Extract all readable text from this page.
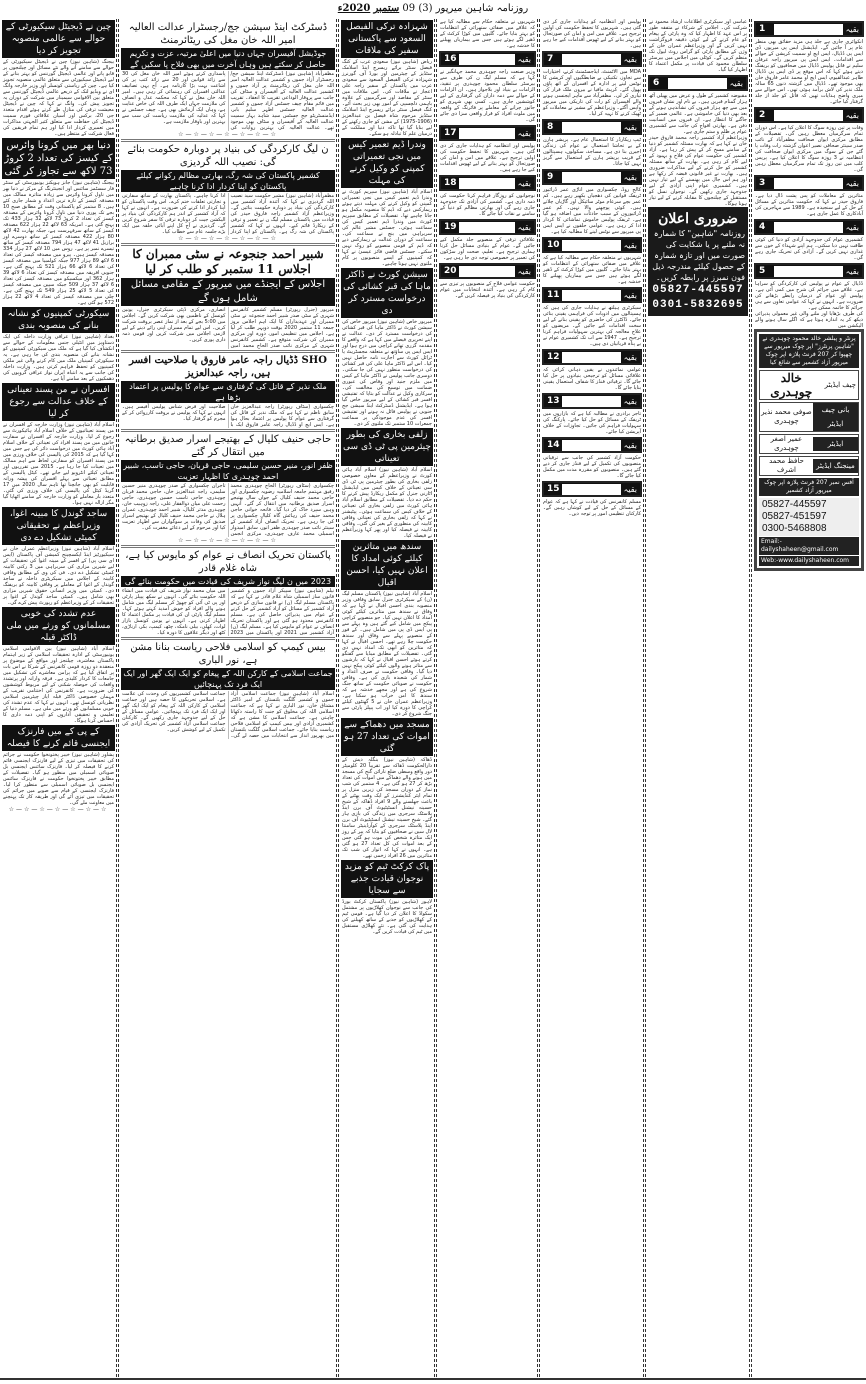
روزنامہ شاہین میرپور (3) 09 ستمبر 2020ء
چین نے ڈیجیٹل سیکیورٹی کے حوالے سے عالمی منصوبہ تجویز کر دیا
بیجنگ (شاہین نیوز) چین نے ڈیجیٹل سیکیورٹی کے حوالے سے سامنے آنے والے نئے مسائل اور چیلنجوں پر قابو پانے اور عالمی ڈیجیٹل گورننس کو بہتر بنانے کے لیے ڈیجیٹل سیکیورٹی سے متعلق عالمی منصوبہ تجویز کیا ہے۔ چین کے ریاستی کونسلر اور وزیر خارجہ وانگ ای نے ویڈیو لنک کے ذریعے عالمی ڈیجیٹل گورننس سے متعلق بین الاقوامی سیمینار میں شرکت کے دوران یہ تجویز پیش کی۔ وانگ نے کہا کہ چین نے ڈیجیٹل معیشت ترقی کی منازل طے کرتے ہوئے اقدام متعدد جی 20، برکس اور آسیان علاقائی فورم سمیت ڈیجیٹل کی حفاظت سے متعلق کثیر الجہتی مذاکرات میں تعمیری کردار ادا کیا اور ہم تمام فریقین کی فعال شرکت کے منتظر ہیں۔
دنیا بھر میں کرونا وائرس کے کیسز کی تعداد 2 کروڑ 73 لاکھ سے تجاوز کر گئی
بیجنگ (شاہین نیوز) جانز ہوپکنز یونیورسٹی کے سنٹر فار سسٹمز سائنس اور انجینئرنگ کے مرکز نے دنیا بھر میں ناول کرونا وائرس سے زیادہ متاثرہ ممالک میں مصدقہ کیسز کے تازہ ترین اعداد و شمار جاری کئے ہیں۔ 8 ستمبر کو پاکستانی وقت کے مطابق صبح 10 بجے تک پوری دنیا میں ناول کرونا وائرس کے مصدقہ کیسز کی تعداد 2 کروڑ 73 لاکھ 32 ہزار 433 تک پہنچ گئی ہے۔ امریکہ 63 لاکھ 22 ہزار 622 مصدقہ کیسز کے ساتھ سرفہرست ہے، جبکہ بھارت 42 لاکھ 80 ہزار 422 مصدقہ کیسز کے ساتھ دوسرے اور برازیل 41 لاکھ 47 ہزار 794 مصدقہ کیسز کے ساتھ تیسرے نمبر پر ہے۔ روس میں 10 لاکھ 27 ہزار 334 مصدقہ کیسز ہیں۔ پیرو میں مصدقہ کیسز کی تعداد 6 لاکھ 89 ہزار 977 جبکہ کولمبیا میں مصدقہ کیسز کی تعداد 6 لاکھ 66 ہزار 521 تک پہنچ گئی ہے۔ جنوبی افریقہ میں مصدقہ کیسز کی تعداد 6 لاکھ 39 ہزار 362 اور میکسیکو میں مصدقہ کیسز کی تعداد 6 لاکھ 37 ہزار 509 جبکہ سپین میں مصدقہ کیسز کی تعداد 5 لاکھ 25 ہزار 549 تک پہنچ گئی ہے۔ چلی میں مصدقہ کیسز کی تعداد 4 لاکھ 22 ہزار 572 ہو گئی ہے۔
سیکورٹی کمپنیوں کو نشانہ بنانے کی منصوبہ بندی
بغداد (شاہین نیوز) عراقی وزارت داخلہ کی ایک دستاویز میں انٹیلی جنس معلومات کے حوالے سے انکشاف کیا گیا ہے کہ ملک میں سیکورٹی کمپنیوں کو نشانہ بنانے کی منصوبہ بندی کی جا رہی ہے۔ یہ سیکورٹی کمپنیاں ملک میں کام کرنے والی غیر ملکی کمپنیوں کو تحفظ فراہم کرتی ہیں۔ وزارت داخلہ کی جانب سے یہ انتباہ ایران نواز عراقی گروپوں کی دھمکیوں کے بعد سامنے آیا ہے۔
افسران نے من پسند تعیناتی کے خلاف عدالت سے رجوع کر لیا
اسلام آباد (شاہین نیوز) وزارت خارجہ کے افسران نے من پسند تعیناتیوں کے خلاف اسلام آباد ہائیکورٹ سے رجوع کر لیا۔ وزارت خارجہ کے افسران نے سفارت خانوں میں من پسند افراد کی تعیناتی کے خلاف اسلام آباد ہائی کورٹ میں درخواست دائر کی ہے جس میں کہا گیا ہے کہ 2015 کی پالیسی کی خلاف ورزی میں من پسند افسران کو سفارتی لحاظ سے اہم ممالک میں تعینات کیا جا رہا ہے۔ 2015 میں تقرریوں اور تعیناتی کیلئے انٹرویو لیے جانے تھے۔ کیٹل پالیسی کے مطابق تعیناتی سے پہلے افسران کی پیشہ ورانہ قابلیت کو بھی جانچنا تھا تاہم سال 2020 میں 17 گریڈ کیٹل کی پالیسی کی خلاف ورزی کی گئی۔ متعدد بار معاملے کو وزارت خارجہ کے سامنے اٹھایا گیا مگر ازالہ نہیں ہوا۔
ساجد گوندل کا مبینہ اغوا، وزیراعظم نے تحقیقاتی کمیٹی تشکیل دے دی
اسلام آباد (شاہین نیوز) وزیراعظم عمران خان نے سیکیورٹیز اینڈ ایکسچینج کمیشن آف پاکستان (ایس ای سی پی) کے افسر کے مبینہ اغوا کی تحقیقات کے لیے شیریں مزاری کی سربراہی میں 3 رکنی کابینہ کمیٹی تشکیل دے دی۔ فی کی وی کے مطابق وفاقی کابینہ کے اجلاس میں سیکریٹری داخلہ نے ساجد گوندل کے اغوا کے معاملے پر وفاقی کابینہ کو بریفنگ دی۔ کمیٹی میں وزیر انسانی حقوق شیریں مزاری بھی شامل ہیں۔ کمیٹی ساجد گوندل کے اغوا پر تحقیقات کر کے وزیراعظم کو رپورٹ پیش کرے گی۔
عدم تشدد کی خوبی مسلمانوں کو ورثے میں ملی ڈاکٹر قبلہ
اسلام آباد (شاہین نیوز) بین الاقوامی اسلامی یونیورسٹی کے ادارہ تحقیقات اسلامی کے زیر اہتمام پاکستان معاشرہ، چیلنجز اور مواقع کے موضوع پر منعقدہ دو روزہ قومی کانفرنس کے شرکا نے اس بات پر اتفاق کیا ہے کہ پرامن معاشرے کی تشکیل میں جامعات کا کردار کلیدی ہے۔ فرقہ وارانہ اور پرتشدد واقعات کی حوصلہ شکنی کے لیے مربوط کوششوں کی ضرورت ہے۔ کانفرنس کی اختتامی تقریب کے مہمان خصوصی ڈاکٹر قبلہ ایاز چیئرمین اسلامی نظریاتی کونسل تھے۔ انہوں نے کہا کہ عدم تشدد کی خوبی مسلمانوں کو ورثے میں ملی ہے۔ مسلم دنیا کے تعلیمی و تحقیقی اداروں کو اپنی ذمہ داری کا احساس کرنا ہوگا۔
کے پی کے میں فارنزک ایجنسی قائم کرنے کا فیصلہ
پشاور (شاہین نیوز) خیبر پختونخوا حکومت نے جرائم کی تحقیقات میں تیزی کے لیے فارنزک ایجنسی قائم کرنے کا فیصلہ کر لیا۔ فارنزک سائنس ایجنسی بل صوبائی اسمبلی میں منظور ہو گیا۔ تفصیلات کے مطابق خیبر پختونخوا حکومت نے فارنزک سائنس ایجنسی بل صوبائی اسمبلی سے منظور کرا لیا۔ فارنزک ایجنسی کے قیام سے صوبے میں جرائم کی تحقیقات میں تیزی آئے گی اور طریقہ کار تک پہنچنے میں معاونت ملے گی۔
☆—☆—☆—☆—☆—☆—☆
ڈسٹرکٹ اینڈ سیشن جج/رجسٹرار عدالت العالیہ امیر اللہ خان مغل کی ریٹائرمنٹ
جوڈیشل آفیسران جہاں دنیا میں اعلیٰ مرتبہ، عزت و تکریم حاصل کر سکتے ہیں وہاں آخرت میں بھی فلاح پا سکیں گے
مظفرآباد (شاہین نیوز) ڈسٹرکٹ اینڈ سیشن جج/رجسٹرار آزاد جموں و کشمیر عدالت العالیہ امیر اللہ خان مغل کی ریٹائرمنٹ پر آزاد جموں و کشمیر عدالت العالیہ کے آفیسران و سٹاف کی جانب سے پروقار الوداعی تقریب کا انعقاد۔ تقریب میں قائم مقام چیف جسٹس آزاد جموں و کشمیر عدالت العالیہ جسٹس اظہر سلیم بابر، ایڈمنسٹریٹو جج جسٹس سید شاہد بہار سمیت عدالت العالیہ کے آفیسران و سٹاف بھی موجود تھے۔ عدالت العالیہ کی بہترین روایات کی پاسداری کرتے ہوئے امیر اللہ خان مغل کی 30 سے زائد قوانین اور 20 سے زائد کتب پر کی اشاعت بہت بڑا کارنامہ ہے۔ آج یہی تصانیف عدالتی افسران کی رہنمائی کر رہی ہیں۔ امیر اللہ خان مغل نے کہا کہ محکمہ عدل و انصاف کی ملازمت جہاں ایک طرف اللہ کی خاص عنایت ہے، وہاں ایک آزمائش بھی ہے۔ چیف جسٹس نے کہا کہ عدلیہ کی ملازمت ریاست کی سب سے بہترین اور باوقار ملازمت ہے۔
☆—☆—☆—☆—☆—☆—☆
ن لیگ کارکردگی کی بنیاد پر دوبارہ حکومت بنائے گی: نصیب اللہ گردیزی
کشمیر پاکستان کی شہ رگ، بھارتی مظالم رکوانے کیلئے پاکستان کو اپنا کردار ادا کرنا چاہیے
مظفرآباد (شاہین نیوز) مشیر حکومت سید نصیب اللہ گردیزی نے کہا کہ آئندہ آزاد کشمیر میں کارکردگی کی بنیاد پر دوبارہ حکومت بنائیں گے۔ وزیراعظم آزاد کشمیر راجہ فاروق حیدر کی قیادت میں پاکستان مسلم لیگ ن نے تعمیر و ترقی کے ریکارڈ قائم کیے۔ انہوں نے کہا کہ کشمیر پاکستان کی شہ رگ ہے۔ پاکستان کو اپنا کردار ادا کرنا چاہیے۔ پاکستان بھارت کے ساتھ سفارتی و تجارتی تعلقات ختم کرے۔ اس وقت پاکستان کو اپنا کردار ادا کرنے کی ضرورت ہے۔ انہوں نے کہا کہ آزاد کشمیر کے اندر ہم کارکردگی کی بنیاد پر الیکشن جیت کر دوبارہ ترقی کا سفر شروع کریں گے۔ گردیزی نے آج کل اپنے آبائی حلقہ میں ایک بڑے جلسہ عام سے خطاب کیا۔
☆—☆—☆—☆—☆—☆—☆
شبیر احمد جنجوعہ نے سٹی ممبران کا اجلاس 11 ستمبر کو طلب کر لیا
اجلاس کے ایجنڈے میں میرپور کے مقامی مسائل شامل ہوں گے
میرپور (جنرل رپورٹر) مسلم کشمیر کانفرنس شہری کے سٹی صدر شبیر احمد جنجوعہ نے سٹی ممبران اور عہدیداران کا ایک اہم اجلاس بروز جمعہ 11 ستمبر 2020 بوقت دوپہر طلب کر لیا ہے۔ اجلاس میں تنظیمی امور، دورہ اور مرکزی ممبران کی شرکت متوقع ہے۔ کشمیر کانفرنس شہری کے مرکزی نائب صدر الحاج محمد امین انصاری، مرکزی ڈپٹی سیکرٹری جنرل، یونین کونسل کے ناظمین بھی شرکت کریں گے۔ اجلاس میں 5:00 بجے کے بعد از نماز عصر بروقت شرکت کریں۔ اس لیے تمام ممبران اپنی رائے دینے کے لیے لازمی اجلاس میں شرکت کریں اور قومی ذمہ داری پوری کریں۔
SHO ڈڈیال راجہ عامر فاروق با صلاحیت افسر ہیں، راجہ عبدالعزیز
ملک نذیر کے قاتل کی گرفتاری سے عوام کا پولیس پر اعتماد بڑھا ہے
چکسواری (سٹاف رپورٹر) راجہ عبدالعزیز خان سابق ناظم نے کہا ہے کہ ملک نذیر کے قاتل کی گرفتاری سے عوام کا پولیس پر اعتماد بحال ہوا ہے۔ ایس ایچ او ڈڈیال راجہ عامر فاروق ایک با صلاحیت اور فرض شناس پولیس آفیسر ہیں۔ انہوں نے کہا کہ پولیس نے بروقت کارروائی کر کے مجرم کو گرفتار کیا۔
حاجی حنیف کلیال کے بھتیجے اسرار صدیق برطانیہ میں انتقال کر گئے
ظفر انور، منیر حسین سلیمی، حاجی قربان، حاجی تاسب، شبیر احمد چوہدری کا اظہار تعزیت
چکسواری (سٹاف رپورٹر) الحاج چوہدری محمد رفیق مہتمم جامعہ اسلامیہ رضویہ چکسواری اور حاجی محمد حنیف کلیال کے جواں سال بھتیجے اسرار صدیق برطانیہ میں انتقال کر گئے۔ انہیں وہیں سپرد خاک کر دیا گیا۔ فاتحہ خوانی حاجی محمد حنیف کی رہائش گاہ کلیال چکسواری پر کی جا رہی ہے۔ تحریک انصاف آزاد کشمیر کے سینئر نائب صدر چوہدری ظفر انور، سابق امیدوار اسمبلی محمد عارف چوہدری، مرکزی انجمن تاجران چکسواری کے صدر چوہدری منیر حسین سلیمی، راجہ عبدالعزیز خان، حاجی محمد قربان چوہدری، حاجی تاسب حسین چوہدری، حاجی رحمت علی میاں ذوالفقار علی، راجہ زوہیب خان، چوہدری مدثر کلیال، شبیر احمد چوہدری، عمران ہلال نے حاجی محمد حنیف کلیال کے بھتیجے اسرار صدیق کی وفات پر سوگواران سے اظہار تعزیت کیا اور مرحوم کے لیے دعائے مغفرت کی۔
☆—☆—☆—☆—☆—☆—☆
پاکستان تحریک انصاف نے عوام کو مایوس کیا ہے، شاہ غلام قادر
2023 میں ن لیگ نواز شریف کی قیادت میں حکومت بنائے گی
نیلم (شاہین نیوز) سپیکر آزاد جموں و کشمیر قانون ساز اسمبلی شاہ غلام قادر نے کہا ہے کہ پاکستان مسلم لیگ (ن) نے قانون سازی کے ذریعے آزاد کشمیر کے مسائل کو آزاد کشمیر کے حل کرنے کے عوام میں پذیرائی حاصل کی ہے۔ مسلم کانفرنس محدود ہو گئی ہے اور پاکستان تحریک انصاف نے عوام کو مایوس کیا ہے۔ مسلم لیگ (ن) آزاد کشمیر میں 2021 اور پاکستان میں 2023 میں میاں محمد نواز شریف کی قیادت میں انشاء اللہ حکومت بنائے گی۔ انہوں نے سکھ پیپلز پارٹی اور پی ٹی آئی کو چھوڑ کر مسلم لیگ میں شامل ہونے والے افراد کو خوش آمدید کہتے ہوئے کہا۔ مسلم لیگ پارٹی ان کی قیادت پر مکمل اعتماد کا اظہار کرتی ہے۔ انہوں نے یونین کونسل بازار لوات، کھلی، بیلی نامکہ، چٹھ، کیمپ، بکر، ارناڑی، کٹھ اور دیگر علاقوں کا دورہ کیا۔
بیس کیمپ کو اسلامی فلاحی ریاست بنانا مشن ہے، نور الباری
جماعت اسلامی کے کارکن اللہ کے پیغام کو ایک ایک گھر اور ایک ایک فرد تک پہنچائیں
اسلام آباد (شاہین نیوز) جماعت اسلامی آزاد جموں و کشمیر گلگت بلتستان کے امیر ڈاکٹر مشتاق خان، نور الباری نے کہا ہے کہ جماعت اسلامی اللہ کی مخلوق کو جنت کا راستہ دکھانا چاہتی ہے۔ جماعت اسلامی کا مشن ہے کہ کشمیری آزادی اور بیس کیمپ کو اسلامی فلاحی ریاست بنایا جائے۔ جماعت اسلامی گلگت بلتستان میں بھرپور انداز سے انتخابات میں حصہ لے گی۔ جماعت اسلامی کشمیریوں کی وحدت کی علامت ہے۔ اسلامی تحریکوں کا حصہ ہیں اور جماعت اسلامی کے کارکن اللہ کے پیغام کو ایک ایک گھر اور ایک ایک فرد تک پہنچائیں۔ عوامی مسائل کے حل کے لیے جدوجہد جاری رکھیں گے۔ کارکنان جماعت اسلامی آزاد کشمیر کی تحریک آزادی کی تکمیل کے لیے کوشش کریں۔
شہزادہ ترکی الفیصل السعود سے پاکستانی سفیر کی ملاقات
ریاض (شاہین نیوز) سعودی عرب کے کنگ فیصل سنٹر برائے ریسرچ اینڈ اسلامک سٹڈیز کے چیئرمین اور بورڈ آف گورنرز شہزادہ ترکی الفیصل السعود سے سعودی عرب میں پاکستان کے سفیر راجہ علی اعجاز نے ملاقات کی۔ اس ملاقات میں سنٹر کے مقاصد اور سرگرمیوں کے علاوہ باہمی دلچسپی کے امور بھی زیر بحث آئے۔ کنگ فیصل سنٹر برائے ریسرچ اینڈ اسلامک سٹڈیز مرحوم شاہ فیصل بن عبدالعزیز (1906-1975) کے مشن کو جاری رکھنے کے لیے بنایا گیا تھا تاکہ دنیا اور مملکت کے درمیان علم کا تبادلہ ہو سکے۔
وندرا ڈیم تعمیر کیس میں نجی تعمیراتی کمپنی کو وکیل کرنے کی مہلت
اسلام آباد (شاہین نیوز) سپریم کورٹ نے وندرا ڈیم تعمیر کیس میں نجی تعمیراتی کمپنی کو وکیل کرنے کی مہلت دیتے ہوئے ریمارکس دیے کہ ڈیم کا منصوبہ مکمل ہو جانا چاہیے تھا۔ تفصیلات کے مطابق سپریم کورٹ میں وندرا ڈیم تعمیر کیس کی سماعت ہوئی۔ جسٹس مشیر عالم کی سربراہی میں بنچ نے سماعت کی۔ سماعت کے دوران عدالت نے ریمارکس دیے کہ ڈیم کے قومی منصوبے کو روک نہیں سکتے۔ جسٹس قاضی فائز عیسیٰ نے کہا کہ کمپنیوں کے ایسے منصوبوں پر کام ملتوی نہیں ہونا چاہیے۔
سیشن کورٹ نے ڈاکٹر ماہا کی قبر کشائی کی درخواست مسترد کر دی
میرپور خاص (شاہین نیوز) میرپور خاص کی سیشن کورٹ نے ڈاکٹر ماہا کی قبر کشائی کی درخواست مسترد کر دی۔ عدالت نے اپنے تحریری فیصلے میں کہا ہے کہ واقعے کا مقدمہ گزری تھانے کراچی میں درج ہوا اور ایس ایس پی ساؤتھ نے متعلقہ مجسٹریٹ یا ٹرائل کورٹ سے اجازت نامہ حاصل نہیں کیا۔ اس لیے ڈاکٹر ماہا علی کی قبر کشائی کی درخواست منظور نہیں کی جا سکتی۔ دوسری جانب پولیس نے ڈاکٹر ماہا کے کیس میں ملزم جنید اور وقاص کی عبوری ضمانت میں توسیع کی مخالفت کی۔ سرکاری وکیل نے عدالت کو بتایا کہ تفتیشی افسر قبر کشائی کے لیے میرپور خاص گیا ہوا ہے۔ ایڈیشنل ڈسٹرکٹ اینڈ سیشن جج جنوبی نے پولیس فائل نہ ہونے اور تفتیشی افسر کی عدم موجودگی پر سماعت جمعرات 10 ستمبر تک ملتوی کر دی۔
زلفی بخاری کی بطور چیئرمین پی ٹی ڈی سی تعیناتی
اسلام آباد (شاہین نیوز) اسلام آباد ہائی کورٹ نے وزیراعظم کے معاون خصوصی زلفی بخاری کی بطور چیئرمین پی ٹی ڈی سی تعیناتی کے خلاف کیس میں ایڈیشنل اٹارنی جنرل کو مکمل ریکارڈ پیش کرنے کا حکم دے دیا۔ تفصیلات کے مطابق اسلام آباد ہائی کورٹ میں زلفی بخاری کی تعیناتی کے خلاف کیس کی سماعت ہوئی۔ پیٹیشنر نے کہا کہ زلفی بخاری کی تعیناتی وفاقی کابینہ کی منظوری کے بغیر کی گئی۔ وفاقی کابینہ نے فیصلہ کیا اور پھر کہا وزیراعظم نے فیصلہ کیا۔
سندھ میں متاثرین کیلئے کوئی امداد کا اعلان نہیں کیا، احسن اقبال
اسلام آباد (شاہین نیوز) پاکستان مسلم لیگ (ن) کے سیکرٹری جنرل سابق وفاقی وزیر منصوبہ بندی احسن اقبال نے کہا ہے کہ وفاق نے سندھ میں متاثرین کیلئے کوئی امداد کا اعلان نہیں کیا۔ جو منصوبے کراچی پیکج میں شامل کیے گئے ہیں وہ پہلے سے پی ایس ڈی پی میں شامل ہیں۔ کے فور کے منصوبے پہلے سے وفاق اور سندھ حکومت چلا رہے تھے۔ احسن اقبال نے کہا کہ متاثرین کو ابھی تک امداد نہیں دی گئی۔ تفصیلات کے مطابق میڈیا سے گفتگو کرتے ہوئے احسن اقبال نے کہا کہ بارشوں سے متاثر ہونے والوں کیلئے کوئی پیکج نہیں دیا گیا۔ وفاقی حکومت نے صرف اعداد و شمار کی شعبدہ بازی کی ہے۔ وفاقی حکومت نے صوبائی حکومت کے ساتھ جنگ شروع کی ہے اور مجھے خدشہ ہے کہ سندھ کا امن خراب ہو سکتا ہے۔ وزیراعظم عمران خان نے 5 گھنٹوں کیلئے کراچی کا دورہ کیا اور اب پیپلز پارٹی سے جنگ شروع کر دی۔
مسجد میں دھماکے سے اموات کی تعداد 27 ہو گئی
ڈھاکہ (شاہین نیوز) بنگلہ دیش کے دارالحکومت ڈھاکہ سے تقریباً 20 کلومیٹر دور واقع وسطی ضلع نارائن گنج کی مسجد میں ہونے والے دھماکے میں اموات کی تعداد بڑھ کر 27 ہو گئی ہے۔ 4 ستمبر کی شب نماز کے دوران مسجد کی زیریں منزل پر تمام ایئر کنڈیشنرز کے ایک وقت پھٹنے کے باعث جھلسنے والے 9 افراد ڈھاکہ کے شیخ حسینہ نیشنل انسٹیٹیوٹ آف برن اینڈ پلاسٹک سرجری میں زندگی کی بازی ہار گئے۔ شیخ حسینہ نیشنل انسٹیٹیوٹ آف برن اینڈ پلاسٹک سرجری کے کوآرڈینیٹر سامنتا لال سین نے صحافیوں کو بتایا کہ پیر کے روز ایک متاثرہ شخص کی موت ہو گئی جس کے بعد اموات کی کل تعداد 27 ہو گئی ہے۔ انہوں نے کہا کہ اتوار کی شب تک متاثرین میں 26 افراد زخمی تھے۔
پاک کرکٹ ٹیم کو مزید نوجوان قیادت جذبے سے سجایا
لاہور (شاہین نیوز) پاکستان کرکٹ بورڈ کی جانب سے نوجوان کھلاڑیوں پر مشتمل سکواڈ کا اعلان کر دیا گیا ہے۔ قومی ٹیم کے کھلاڑیوں کو جذبے کے ساتھ کھیلنے کی ہدایت کی گئی ہے۔ نئے کھلاڑی مستقبل میں ٹیم کی قیادت کریں گے۔
شہریوں نے متعلقہ حکام سے مطالبہ کیا ہے کہ علاقے میں صفائی ستھرائی کے انتظامات کو بہتر بنایا جائے۔ گلیوں میں کوڑا کرکٹ کے ڈھیر لگے ہوئے ہیں جس سے بیماریاں پھیلنے کا خدشہ ہے۔
16	بقیہ
وزیر صنعت راجہ چوہدری محمد جہانگیر نے کہا ہے کہ مسلم لیگ ن کی طرف سے بیرسٹر سلطان محمود چوہدری پر تنقید، الزامات بے بنیاد اور بلاجواز ہیں۔ ان الزامات کے حوالے سے ذمہ داران کی گرفتاری کے لیے کوششیں جاری ہیں۔ کسی بھی شہری کو جانور چرانے کے معاملے پر فائرنگ کے واقعہ میں ملوث افراد کو قرار واقعی سزا دی جائے گی۔
17	بقیہ
پولیس اور انتظامیہ کو ہدایات جاری کر دی گئی ہیں۔ شہریوں کا تحفظ حکومت کی اولین ترجیح ہے۔ علاقے میں امن و امان کی صورتحال کو بہتر بنانے کے لیے ٹھوس اقدامات کیے جا رہے ہیں۔
18	بقیہ
نوجوانوں کو روزگار فراہم کرنا حکومت کی ذمہ داری ہے۔ کشمیر کی آزادی تک جدوجہد جاری رہے گی اور بھارتی مظالم کو دنیا کے سامنے بے نقاب کیا جائے گا۔
19	بقیہ
علاقائی ترقی کے منصوبے جلد مکمل کیے جائیں گے۔ عوام کے بنیادی مسائل حل کرنا ہماری ترجیح ہے۔ تعلیم، صحت اور سڑکوں کی تعمیر پر خصوصی توجہ دی جا رہی ہے۔
20	بقیہ
حکومت عوامی فلاح کے منصوبوں پر تیزی سے کام کر رہی ہے۔ آئندہ انتخابات میں عوام کارکردگی کی بنیاد پر فیصلہ کریں گے۔
پولیس اور انتظامیہ کو ہدایات جاری کر دی گئی ہیں۔ شہریوں کا تحفظ حکومت کی اولین ترجیح ہے۔ علاقے میں امن و امان کی صورتحال کو بہتر بنانے کے لیے ٹھوس اقدامات کیے جا رہے ہیں۔
7	بقیہ
MDA میں الاٹمنٹ، ایڈجسٹمنٹ کرنے، اختیارات سے تجاوز، تکنیکی بے ضابطگیوں اور کرپشن کا نوٹس لینے پر ادارہ کے افسران کے اتھ پاؤں پھول گئے۔ کرپٹ مافیا نے بیرون ملک فرار کی تیاری کر لی۔ مظفرآباد سے ماہر ایجنسی ہونے والے آفیسران کو رات کی تاریکی میں میرپور واپس آگئے۔ وزیراعظم کے مشیر نے معاملات کو ٹھیک کرنے کا تہیہ کر لیا۔
8	بقیہ
ٹیپ ریکارڈر کا استعمال عام ہے۔ پریشر ہارن کے بے تحاشا استعمال نے عوام کی زندگی اجیرن بنا دی ہے۔ مساجد، سکولوں، ہسپتالوں کے قریب پریشر ہارن کے استعمال سے گریز نہیں کیا جاتا۔
9	بقیہ
کالج روڈ، چکسواری میں اناڑی عمر ڈرائیور ٹریفک قوانین کی دھجیاں بکھیر رہے ہیں۔ کم عمر بچے سرعام موٹر سائیکل اور گاڑیاں چلاتے ہیں۔ کوئی پوچھنے والا نہیں۔ کم عمر ڈرائیوروں کے سبب حادثات میں اضافہ ہو گیا ہے۔ ٹریفک پولیس خاموش تماشائی کا کردار ادا کر رہی ہے۔ عوامی حلقوں نے ایس ایس پی میرپور سے نوٹس لینے کا مطالبہ کیا ہے۔
10	بقیہ
شہریوں نے متعلقہ حکام سے مطالبہ کیا ہے کہ علاقے میں صفائی ستھرائی کے انتظامات کو بہتر بنایا جائے۔ گلیوں میں کوڑا کرکٹ کے ڈھیر لگے ہوئے ہیں جس سے بیماریاں پھیلنے کا خدشہ ہے۔
11	بقیہ
سیکرٹری ہیلتھ نے ہدایات جاری کی ہیں کہ ہسپتالوں میں ادویات کی فراہمی یقینی بنائی جائے۔ ڈاکٹرز کی حاضری کو یقینی بنانے کے لیے سخت اقدامات کیے جائیں گے۔ مریضوں کو علاج معالجہ کی بہترین سہولیات فراہم کرنا ترجیح ہے۔ 1947 سے اب تک کشمیری عوام نے بے پناہ قربانیاں دی ہیں۔
12	بقیہ
عوامی نمائندوں نے یقین دہانی کرائی کہ علاقائی مسائل کو ترجیحی بنیادوں پر حل کیا جائے گا۔ ترقیاتی فنڈز کا شفاف استعمال یقینی بنایا جائے گا۔
13	بقیہ
تاجر برادری نے مطالبہ کیا ہے کہ بازاروں میں ٹریفک کے مسائل کو حل کیا جائے۔ پارکنگ کی سہولیات فراہم کی جائیں۔ تجاوزات کے خلاف آپریشن کیا جائے۔
14	بقیہ
حکومت آزاد کشمیر کی جانب سے ترقیاتی منصوبوں کی تکمیل کے لیے فنڈز جاری کر دیے گئے ہیں۔ منصوبوں کو مقررہ مدت میں مکمل کیا جائے گا۔
15	بقیہ
مسلم کانفرنس کی قیادت نے کہا ہے کہ عوام کے مسائل کے حل کے لیے کوشاں رہیں گے۔ کارکنان تنظیمی امور پر توجہ دیں۔
عباسی اور سیکرٹری اطلاعات ارشاد محمود نے شرکت کی۔ اجلاس کے شرکاء نے متفقہ طور پر اس عہد کا اظہار کیا کہ وہ پارٹی کے پیغام کو عام کرنے کے لیے کوئی دقیقہ فروگزاشت نہیں کریں گے اور وزیراعظم عمران خان کے وژن کے مطابق پارٹی کو گراس روٹ لیول تک منظم کریں گے۔ کوٹلی میں اجلاس میں بیرسٹر سلطان محمود کی قیادت پر مکمل اعتماد کا اظہار کیا گیا۔
6	بقیہ
مقبوضہ کشمیر کے طول و عرض میں پھیلی آٹھ ہزار گمنام قبریں ہیں۔ بے نام اور نشان قبروں میں سے چھ ہزار قبروں کی نشاندہی ہونے کے بعد بھی دنیا کی خاموشی ہے۔ عالمی ضمیر کے جاگنے کا انتظار ہے۔ ان قبروں میں انسانیت دفن ہے۔ بھارتی افواج کی جانب سے کشمیری عوام پر ظلم و ستم جاری ہے۔
وزیراعظم آزاد کشمیر راجہ محمد فاروق حیدر خان نے کہا ہے کہ بھارت مسئلہ کشمیر کو دنیا کے سامنے مسخ کر کے پیش کر رہا ہے۔ آزاد کشمیر کی حکومت عوام کی فلاح و بہبود کے لیے کام کر رہی ہے۔ بھارت کے ساتھ مسئلہ کشمیر کو حل کرنے کے لیے مذاکرات ضروری ہیں۔ بھارت نے غیر قانونی قبضہ کر رکھا ہے اور ہم اس جال میں پھنسنے کے لیے تیار نہیں ہیں۔ کشمیری عوام اپنی آزادی کے لیے جدوجہد جاری رکھیں گے۔ نوجوان نسل کو مستقبل کے چیلنجوں کا مقابلہ کرنے کے لیے تیار ہونا ہوگا۔
ضروری اعلان
روزنامہ "شاہین" کا شمارہ نہ ملنے پر یا شکایت کی صورت میں اور تازہ شمارہ کے حصول کیلئے مندرجہ ذیل فون نمبرز پر رابطہ کریں۔
05827-445597
0301-5832695
1	بقیہ
انکوائری جاری ہے جلد ہی مزید حقائق بھی منظر عام پر آ جائیں گے۔ ایڈیشنل ایس پی میرپور، ڈی ایس پی ڈڈیال، ایس ایچ او سمیت کرپشن کے حوالے سے اقدامات۔ ایس ایس پی میرپور راجہ عرفان سلیم نے قاتل پولیس ڈڈیال میں صحافیوں کو بریفنگ دیتے ہوئے کہا کہ اس موقع پر ڈی ایس پی ڈڈیال طاہر عبدالقیوم، ایس ایچ او محمد عامر فاروق خان بھی موجود تھے۔ ڈڈیال میں گزشتہ دنوں 65 سالہ ملک نذیر کی لاش برآمد ہوئی تھی۔ اس حوالے سے میری واضح ہدایات تھیں کہ قاتل کو جلد از جلد گرفتار کیا جائے۔
2	بقیہ
وفات پر تین روزہ سوگ کا اعلان کیا ہے۔ اس دوران تمام سرگرمیاں معطل رہیں گی۔ تفصیلات کے مطابق مرکزی ایوان صحافت مظفرآباد کے نائب صدر سینئر صحافی نصیر اعوان گزشتہ رات وفات پا گئے جن کے سوگ میں مرکزی ایوان صحافت کی انتظامیہ نے 3 روزہ سوگ کا اعلان کیا ہے۔ پریس کلب میں تین روز تک تمام سرگرمیاں معطل رہیں گی۔
3	بقیہ
متاثرین کے معاملات کو پس پشت ڈال دیا ہے۔ فاروق حیدر نے کہا کہ حکومت متاثرین کے مسائل کے حل کے لیے سنجیدہ ہے۔ 1989 سے مہاجرین کی آبادکاری کا عمل جاری ہے۔
4	بقیہ
کشمیری عوام کی جدوجہد آزادی کو دنیا کی کوئی طاقت نہیں دبا سکتی۔ ہم اپنے شہداء کے خون سے غداری نہیں کریں گے۔ آزادی کی تحریک جاری رہے گی۔
5	بقیہ
ڈڈیال کے عوام نے پولیس کی کارکردگی کو سراہا ہے۔ علاقے میں جرائم کی شرح میں کمی آئی ہے۔ پولیس اور عوام کے درمیان رابطے بڑھانے کی ضرورت ہے۔ انہوں نے کہا کہ عوامی تعاون سے ہی جرائم کا خاتمہ ممکن ہے۔
کی طرف بڑھایا اور ملنے والی غیر معمولی پذیرائی دیکھ کر یہ اندازہ ہوتا ہے کہ اگلے سال ہونے والے الیکشن میں
پرنٹر و پبلشر خالد محمود چوہدری نے "شاہین پرنٹرز" اپر چوک میرپور سے چھپوا کر 207 فرنٹ پلازہ اپر چوک میرپور آزاد کشمیر سے شائع کیا
چیف ایڈیٹر
خالد چوہدری
بانی چیف ایڈیٹر
صوفی محمد نذیر چوہدری
ایڈیٹر
عمیر اصغر چوہدری
مینجنگ ایڈیٹر
حافظ محمد اشرف
آفس نمبر 207 فرنٹ پلازہ اپر چوک میرپور آزاد کشمیر
05827-445597
05827-451597
0300-5468808
Email:-dailyshaheen@gmail.com
Web:-www.dailyshaheen.com
